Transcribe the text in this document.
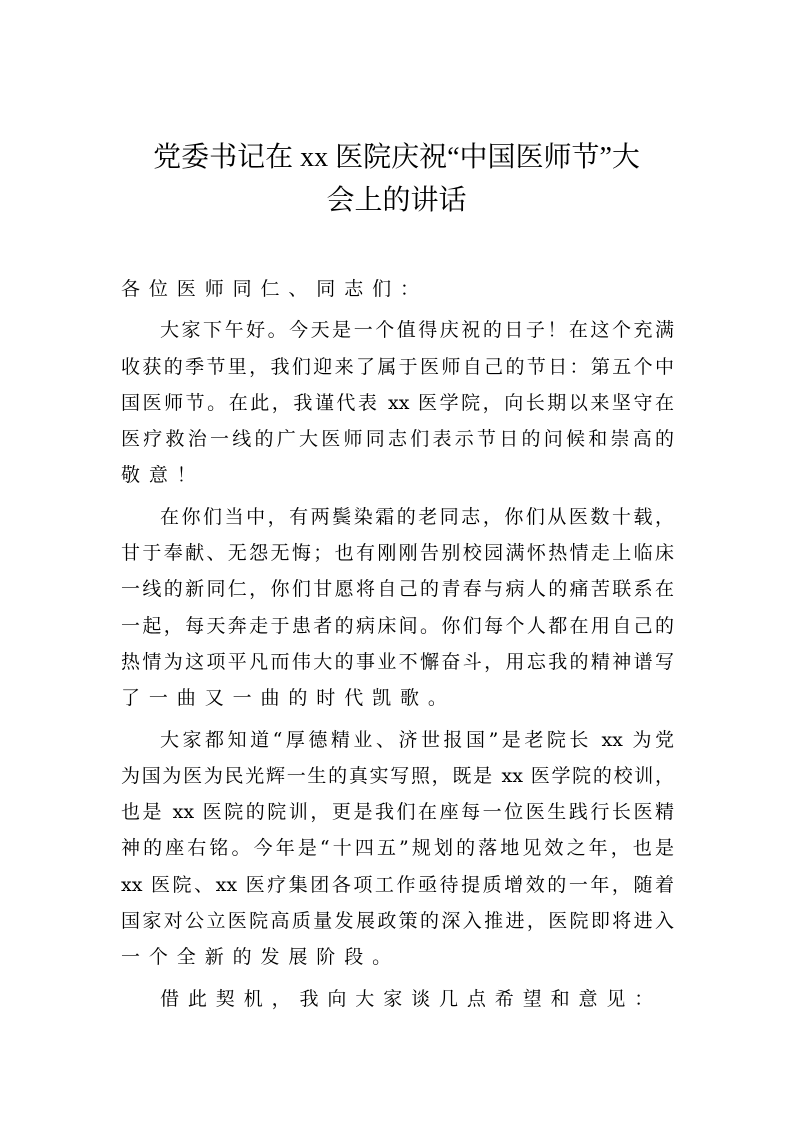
党委书记在 xx 医院庆祝“中国医师节”大
会上的讲话
各位医师同仁、同志们：
大家下午好。今天是一个值得庆祝的日子！在这个充满
收获的季节里，我们迎来了属于医师自己的节日：第五个中
国医师节。在此，我谨代表 xx 医学院，向长期以来坚守在
医疗救治一线的广大医师同志们表示节日的问候和崇高的
敬意！
在你们当中，有两鬓染霜的老同志，你们从医数十载，
甘于奉献、无怨无悔；也有刚刚告别校园满怀热情走上临床
一线的新同仁，你们甘愿将自己的青春与病人的痛苦联系在
一起，每天奔走于患者的病床间。你们每个人都在用自己的
热情为这项平凡而伟大的事业不懈奋斗，用忘我的精神谱写
了一曲又一曲的时代凯歌。
大家都知道“厚德精业、济世报国”是老院长 xx 为党
为国为医为民光辉一生的真实写照，既是 xx 医学院的校训，
也是 xx 医院的院训，更是我们在座每一位医生践行长医精
神的座右铭。今年是“十四五”规划的落地见效之年，也是
xx 医院、xx 医疗集团各项工作亟待提质增效的一年，随着
国家对公立医院高质量发展政策的深入推进，医院即将进入
一个全新的发展阶段。
借此契机，我向大家谈几点希望和意见：
